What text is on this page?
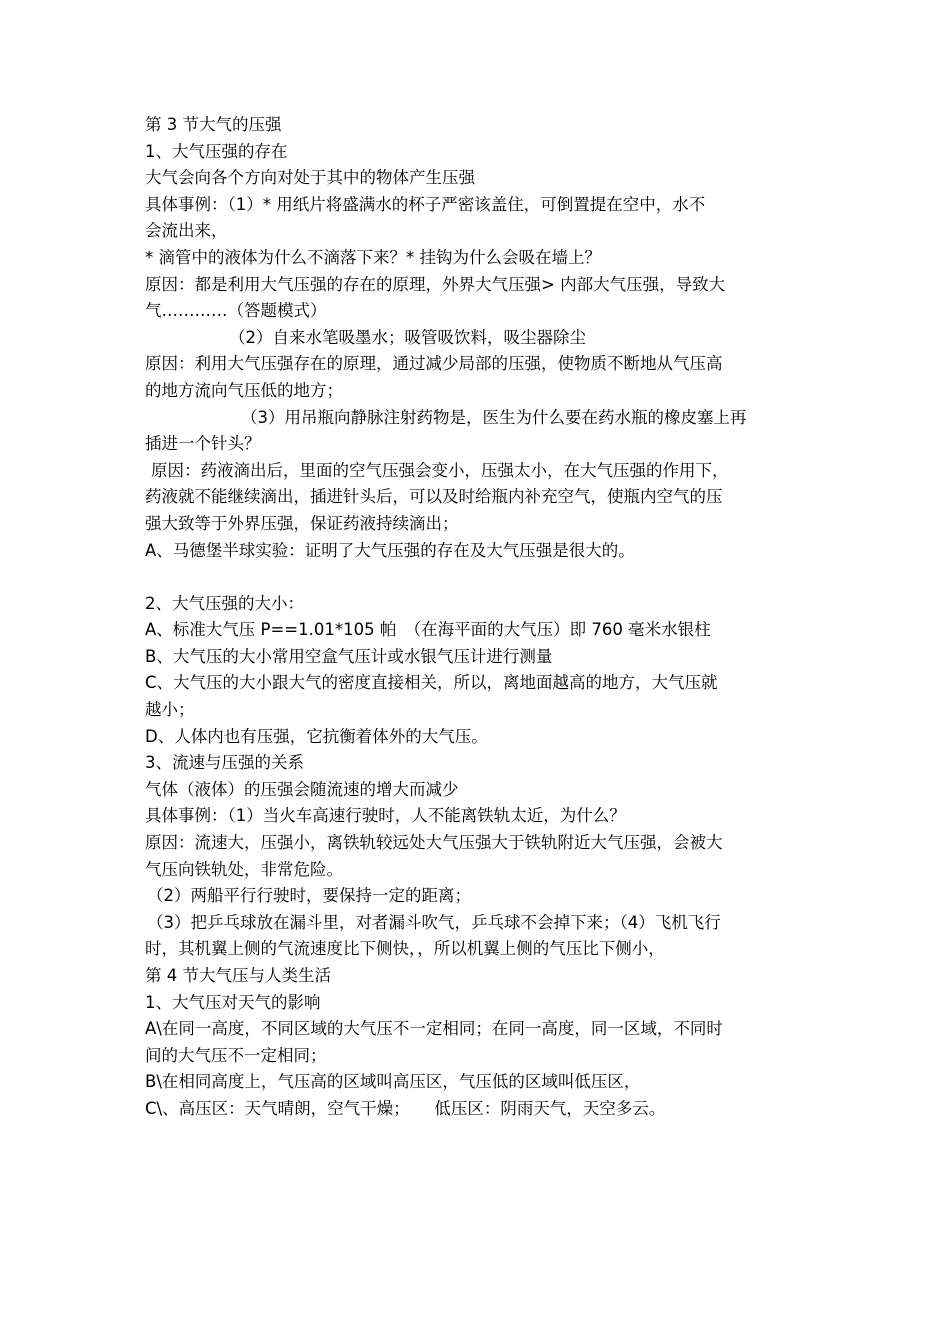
第 3 节大气的压强
1、大气压强的存在
大气会向各个方向对处于其中的物体产生压强
具体事例：（1）* 用纸片将盛满水的杯子严密该盖住，可倒置提在空中，水不
会流出来，
* 滴管中的液体为什么不滴落下来？* 挂钩为什么会吸在墙上？
原因：都是利用大气压强的存在的原理，外界大气压强> 内部大气压强，导致大
气…………（答题模式）
（2）自来水笔吸墨水；吸管吸饮料，吸尘器除尘
原因：利用大气压强存在的原理，通过减少局部的压强，使物质不断地从气压高
的地方流向气压低的地方；
（3）用吊瓶向静脉注射药物是，医生为什么要在药水瓶的橡皮塞上再
插进一个针头？
原因：药液滴出后，里面的空气压强会变小，压强太小，在大气压强的作用下，
药液就不能继续滴出，插进针头后，可以及时给瓶内补充空气，使瓶内空气的压
强大致等于外界压强，保证药液持续滴出；
A、马德堡半球实验：证明了大气压强的存在及大气压强是很大的。
2、大气压强的大小：
A、标准大气压 P==1.01*105 帕　（在海平面的大气压）即 760 毫米水银柱
B、大气压的大小常用空盒气压计或水银气压计进行测量
C、大气压的大小跟大气的密度直接相关，所以，离地面越高的地方，大气压就
越小；
D、人体内也有压强，它抗衡着体外的大气压。
3、流速与压强的关系
气体（液体）的压强会随流速的增大而减少
具体事例：（1）当火车高速行驶时，人不能离铁轨太近，为什么？
原因：流速大，压强小，离铁轨较远处大气压强大于铁轨附近大气压强，会被大
气压向铁轨处，非常危险。
（2）两船平行行驶时，要保持一定的距离；
（3）把乒乓球放在漏斗里，对者漏斗吹气，乒乓球不会掉下来；（4）飞机飞行
时，其机翼上侧的气流速度比下侧快，，所以机翼上侧的气压比下侧小，
第 4 节大气压与人类生活
1、大气压对天气的影响
A\在同一高度，不同区域的大气压不一定相同；在同一高度，同一区域，不同时
间的大气压不一定相同；
B\在相同高度上，气压高的区域叫高压区，气压低的区域叫低压区，
C\、高压区：天气晴朗，空气干燥；　　低压区：阴雨天气，天空多云。
